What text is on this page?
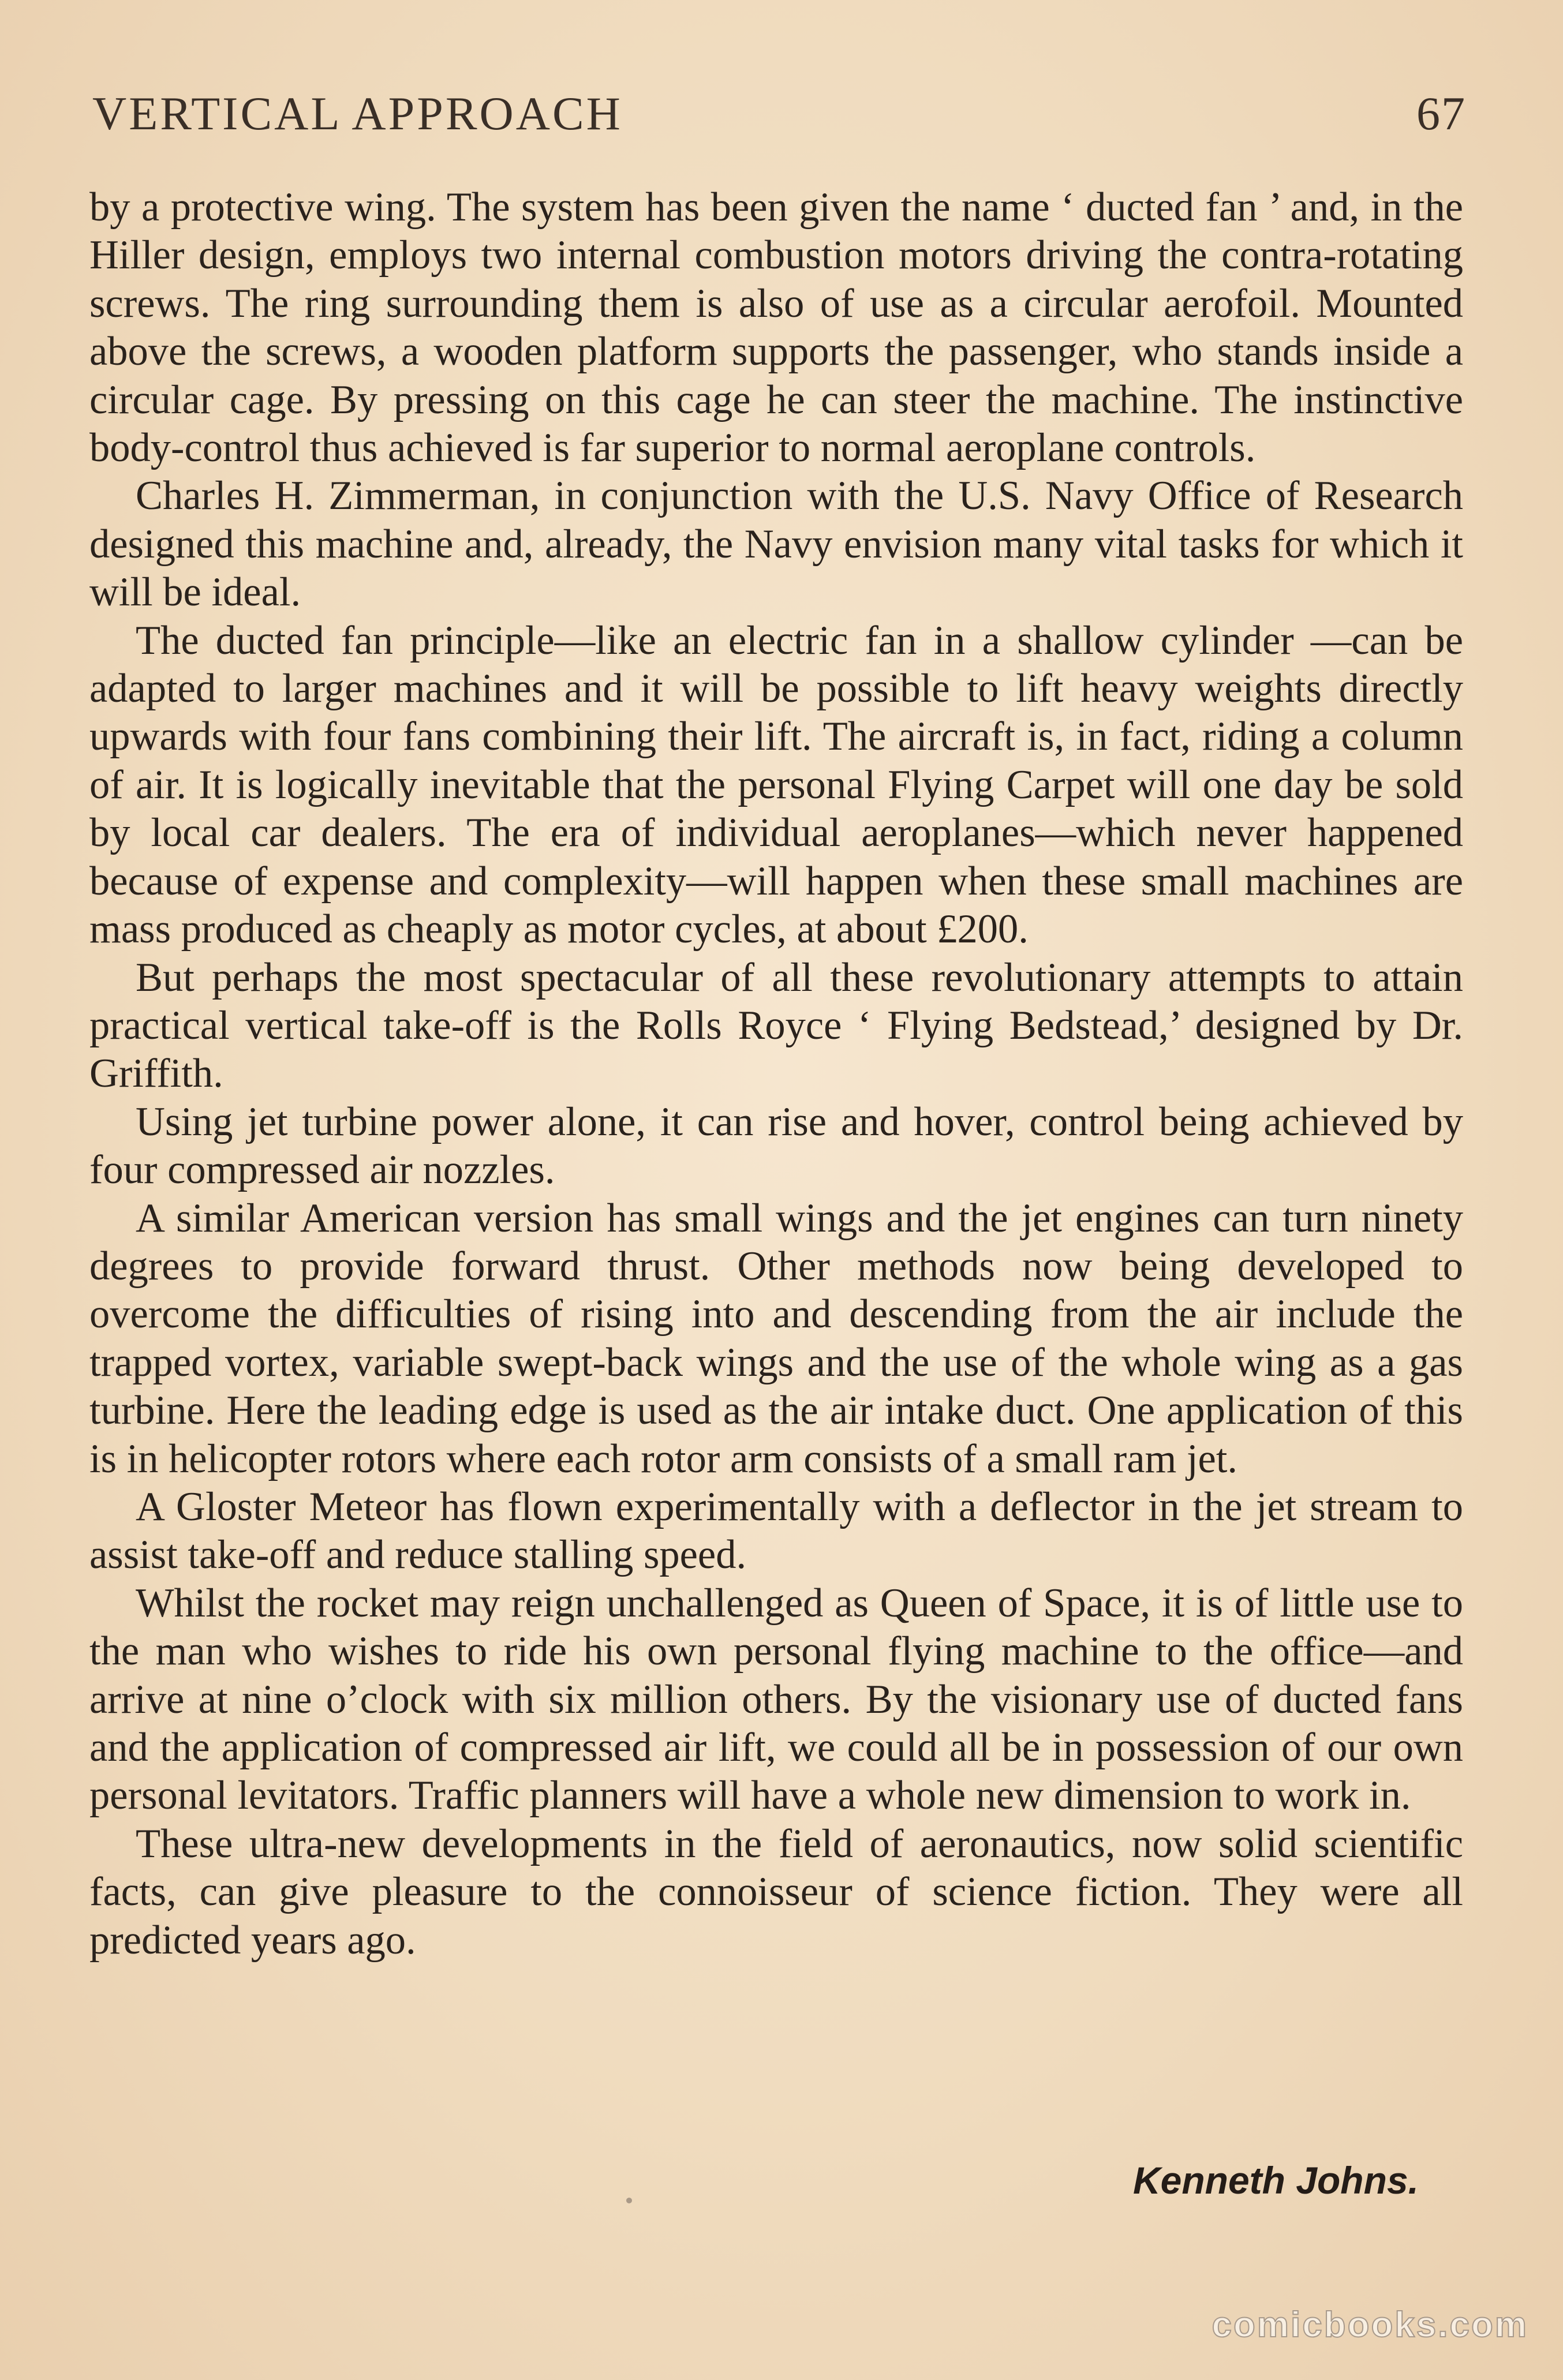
VERTICAL APPROACH	67

by a protective wing. The system has been given the name ‘ ducted fan ’ and, in the Hiller design, employs two internal combustion motors driving the contra-rotating screws. The ring surrounding them is also of use as a circular aerofoil. Mounted above the screws, a wooden platform supports the passenger, who stands inside a circular cage. By pressing on this cage he can steer the machine. The instinctive body-control thus achieved is far superior to normal aeroplane controls.

Charles H. Zimmerman, in conjunction with the U.S. Navy Office of Research designed this machine and, already, the Navy envision many vital tasks for which it will be ideal.

The ducted fan principle—like an electric fan in a shallow cylinder —can be adapted to larger machines and it will be possible to lift heavy weights directly upwards with four fans combining their lift. The aircraft is, in fact, riding a column of air. It is logically inevitable that the personal Flying Carpet will one day be sold by local car dealers. The era of individual aeroplanes—which never happened because of expense and complexity—will happen when these small machines are mass produced as cheaply as motor cycles, at about £200.

But perhaps the most spectacular of all these revolutionary attempts to attain practical vertical take-off is the Rolls Royce ‘ Flying Bedstead,’ designed by Dr. Griffith.

Using jet turbine power alone, it can rise and hover, control being achieved by four compressed air nozzles.

A similar American version has small wings and the jet engines can turn ninety degrees to provide forward thrust. Other methods now being developed to overcome the difficulties of rising into and descending from the air include the trapped vortex, variable swept-back wings and the use of the whole wing as a gas turbine. Here the leading edge is used as the air intake duct. One application of this is in helicopter rotors where each rotor arm consists of a small ram jet.

A Gloster Meteor has flown experimentally with a deflector in the jet stream to assist take-off and reduce stalling speed.

Whilst the rocket may reign unchallenged as Queen of Space, it is of little use to the man who wishes to ride his own personal flying machine to the office—and arrive at nine o’clock with six million others. By the visionary use of ducted fans and the application of compressed air lift, we could all be in possession of our own personal levitators. Traffic planners will have a whole new dimension to work in.

These ultra-new developments in the field of aeronautics, now solid scientific facts, can give pleasure to the connoisseur of science fiction. They were all predicted years ago.

Kenneth Johns.
comicbooks.com
